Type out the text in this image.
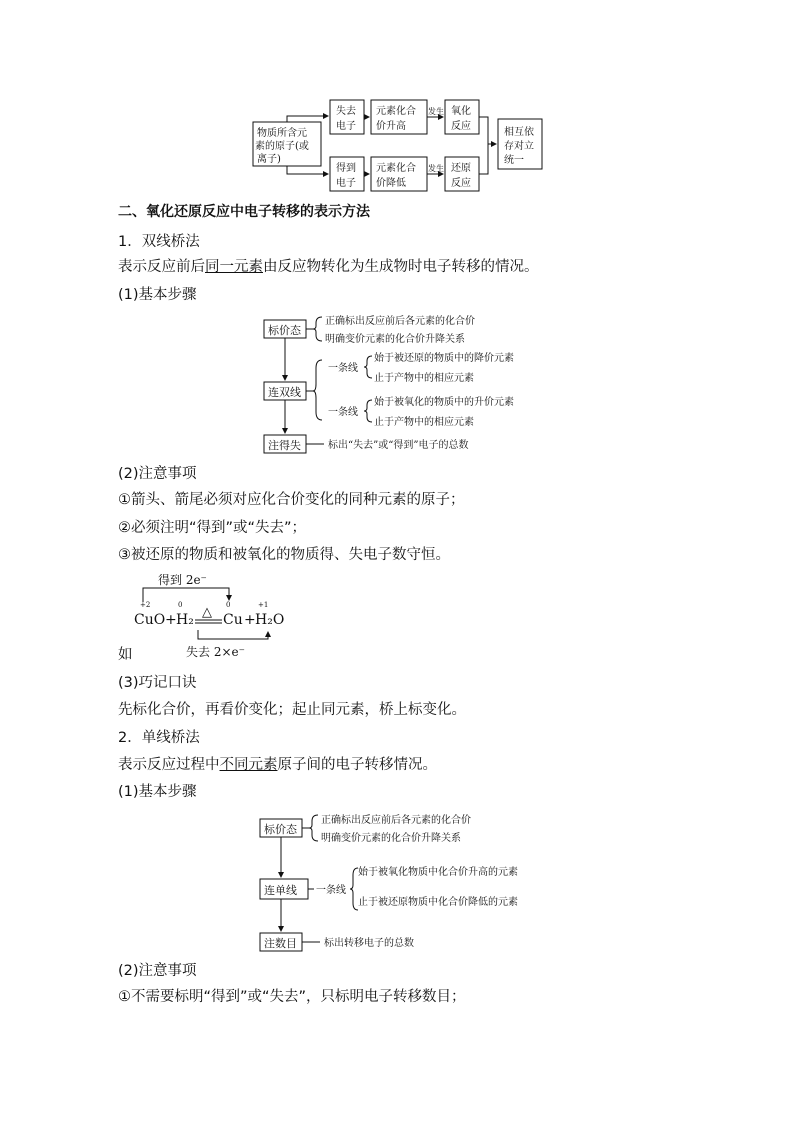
物质所含元
素的原子(或
离子)
失去
电子
元素化合
价升高
发生 氧化
反应
得到
电子
元素化合
价降低
发生 还原
反应
相互依
存对立
统一
二、氧化还原反应中电子转移的表示方法
1．双线桥法
表示反应前后同一元素由反应物转化为生成物时电子转移的情况。
(1)基本步骤
标价态
正确标出反应前后各元素的化合价
明确变价元素的化合价升降关系
连双线
一条线
始于被还原的物质中的降价元素
止于产物中的相应元素
一条线
始于被氧化的物质中的升价元素
止于产物中的相应元素
注得失	标出“失去”或“得到”电子的总数
(2)注意事项
①箭头、箭尾必须对应化合价变化的同种元素的原子；
②必须注明“得到”或“失去”；
③被还原的物质和被氧化的物质得、失电子数守恒。
得到 2e⁻
失去 2×e⁻
△
+2	0	0	+1
CuO + H₂ Cu + H₂O
如
(3)巧记口诀
先标化合价，再看价变化；起止同元素，桥上标变化。
2．单线桥法
表示反应过程中不同元素原子间的电子转移情况。
(1)基本步骤
标价态
正确标出反应前后各元素的化合价
明确变价元素的化合价升降关系
连单线 一条线
始于被氧化物质中化合价升高的元素
止于被还原物质中化合价降低的元素
注数目	标出转移电子的总数
(2)注意事项
①不需要标明“得到”或“失去”，只标明电子转移数目；
